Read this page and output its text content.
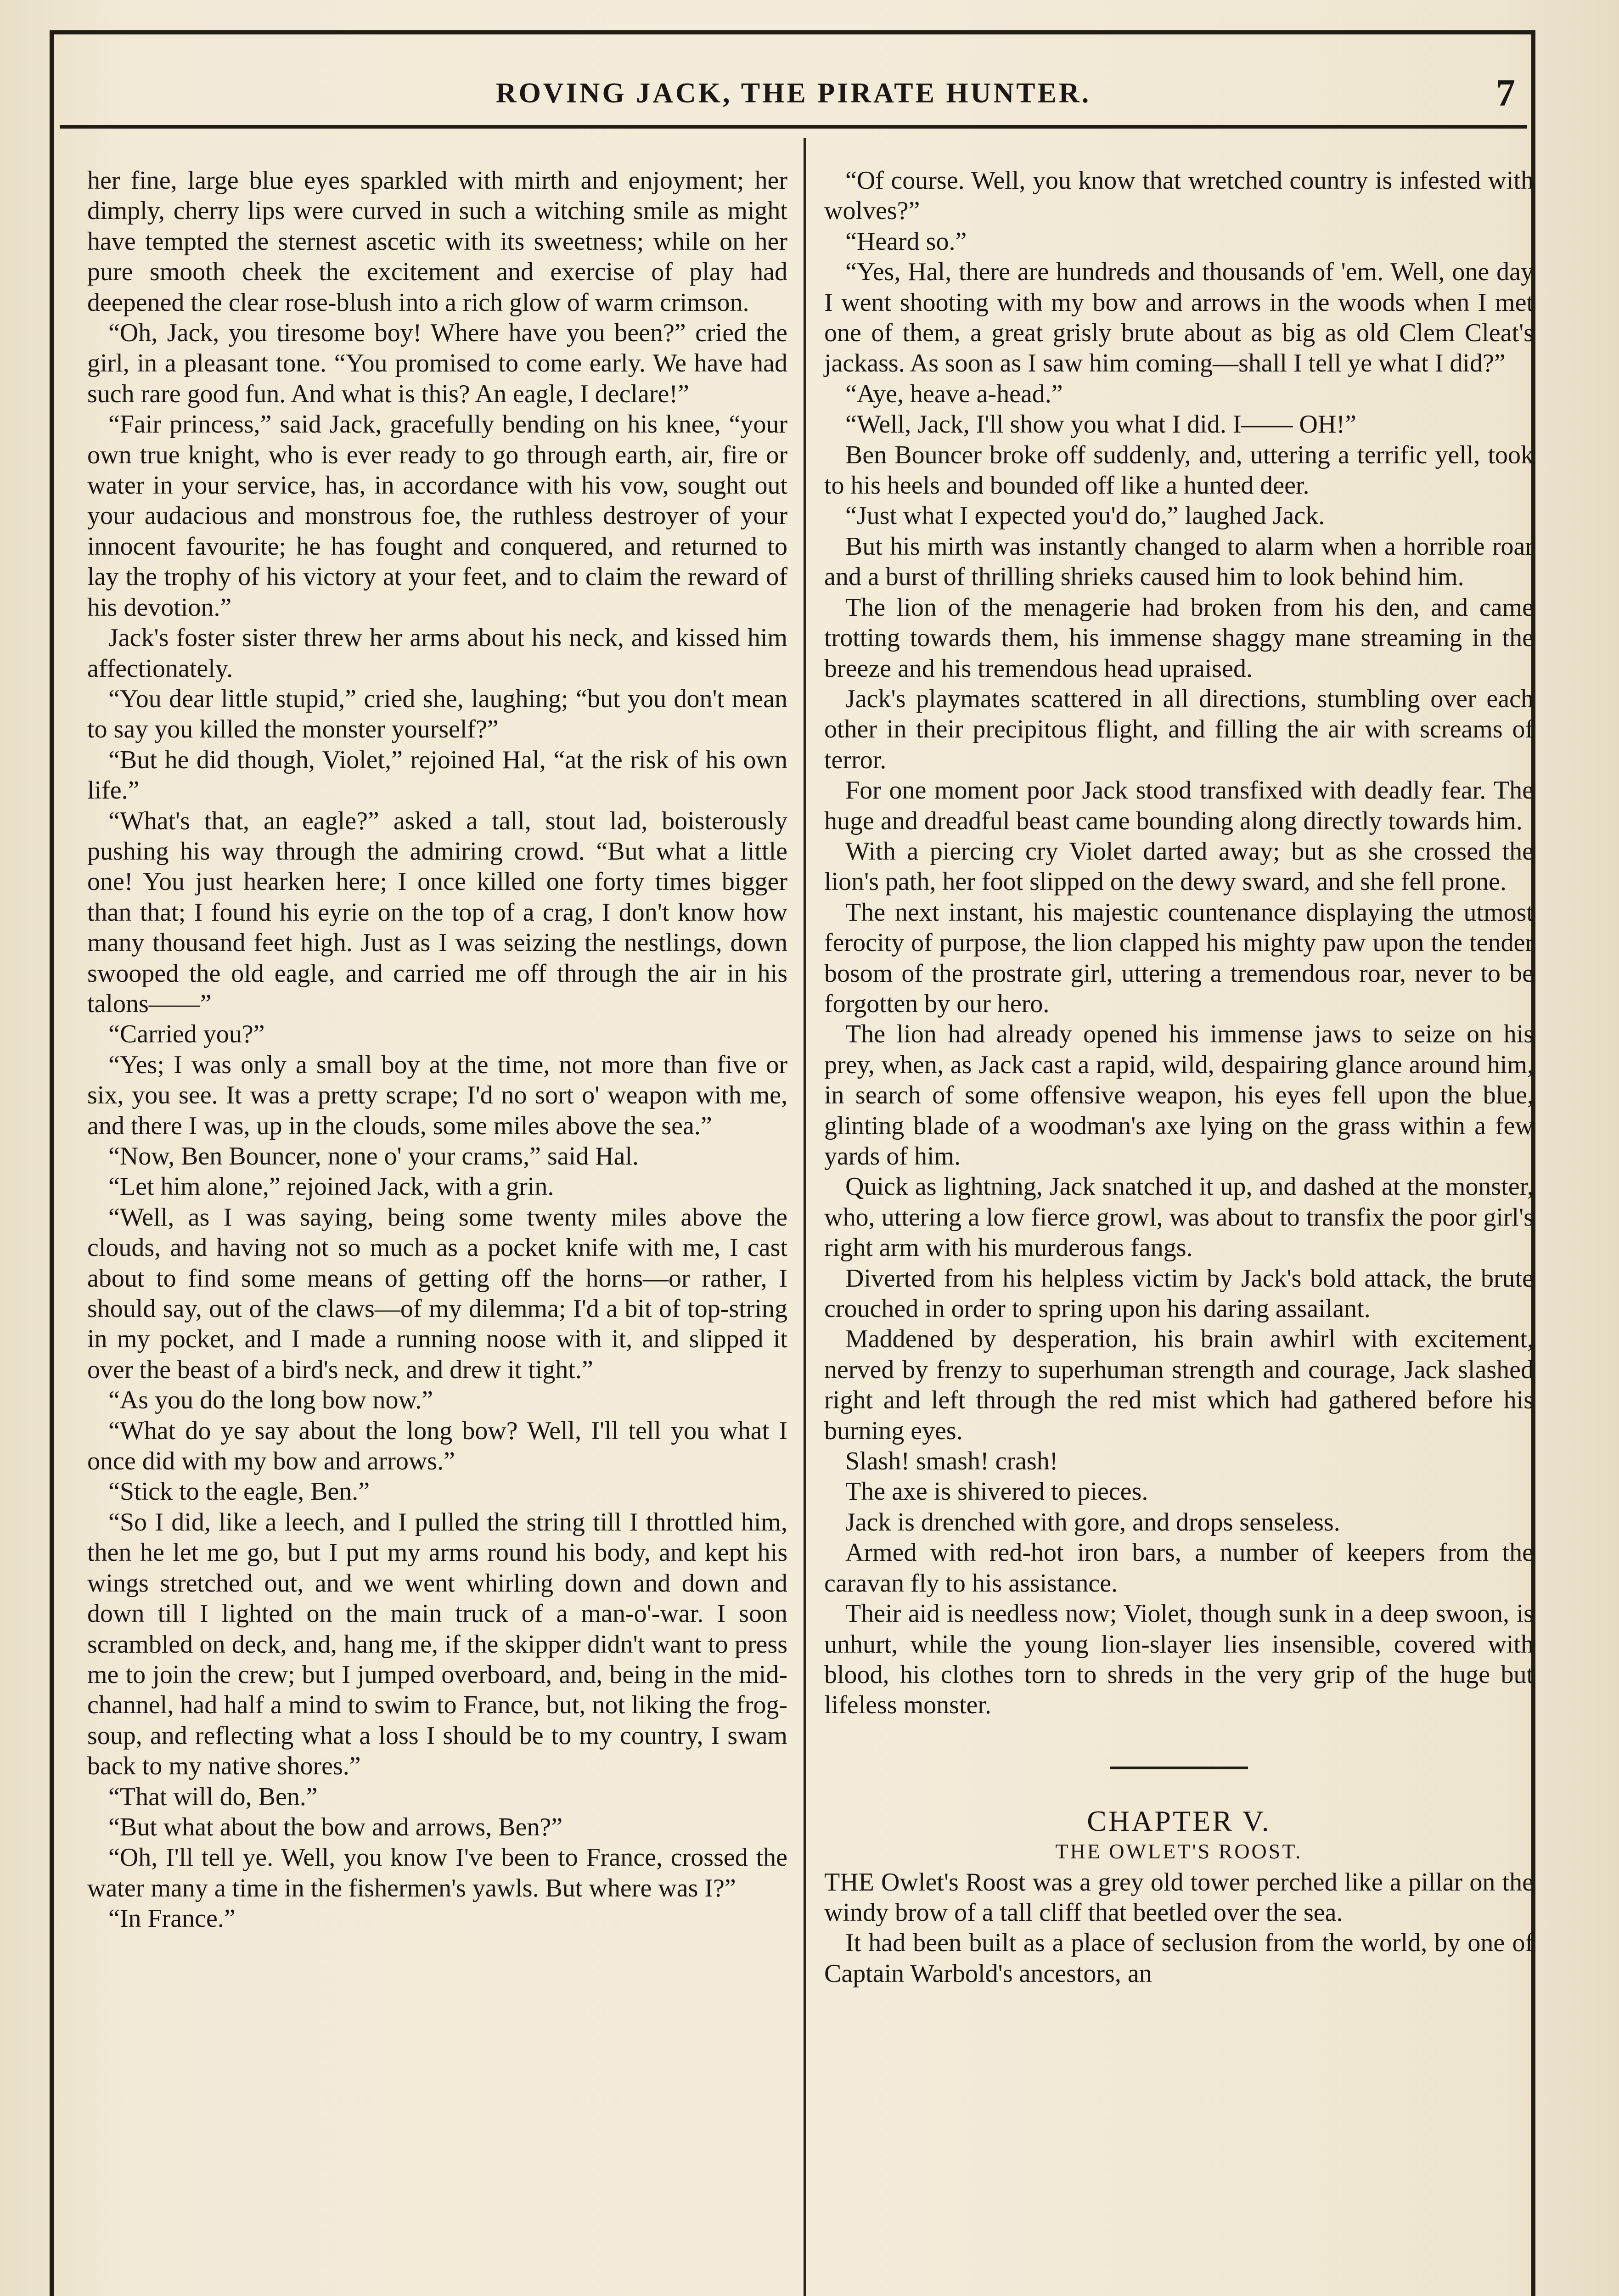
ROVING JACK, THE PIRATE HUNTER.	7

her fine, large blue eyes sparkled with mirth and enjoyment; her dimply, cherry lips were curved in such a witching smile as might have tempted the sternest ascetic with its sweetness; while on her pure smooth cheek the excitement and exercise of play had deepened the clear rose-blush into a rich glow of warm crimson.

“Oh, Jack, you tiresome boy! Where have you been?” cried the girl, in a pleasant tone. “You promised to come early. We have had such rare good fun. And what is this? An eagle, I declare!”

“Fair princess,” said Jack, gracefully bending on his knee, “your own true knight, who is ever ready to go through earth, air, fire or water in your service, has, in accordance with his vow, sought out your audacious and monstrous foe, the ruthless destroyer of your innocent favourite; he has fought and conquered, and returned to lay the trophy of his victory at your feet, and to claim the reward of his devotion.”

Jack's foster sister threw her arms about his neck, and kissed him affectionately.

“You dear little stupid,” cried she, laughing; “but you don't mean to say you killed the monster yourself?”

“But he did though, Violet,” rejoined Hal, “at the risk of his own life.”

“What's that, an eagle?” asked a tall, stout lad, boisterously pushing his way through the admiring crowd. “But what a little one! You just hearken here; I once killed one forty times bigger than that; I found his eyrie on the top of a crag, I don't know how many thousand feet high. Just as I was seizing the nestlings, down swooped the old eagle, and carried me off through the air in his talons——”

“Carried you?”

“Yes; I was only a small boy at the time, not more than five or six, you see. It was a pretty scrape; I'd no sort o' weapon with me, and there I was, up in the clouds, some miles above the sea.”

“Now, Ben Bouncer, none o' your crams,” said Hal.

“Let him alone,” rejoined Jack, with a grin.

“Well, as I was saying, being some twenty miles above the clouds, and having not so much as a pocket knife with me, I cast about to find some means of getting off the horns—or rather, I should say, out of the claws—of my dilemma; I'd a bit of top-string in my pocket, and I made a running noose with it, and slipped it over the beast of a bird's neck, and drew it tight.”

“As you do the long bow now.”

“What do ye say about the long bow? Well, I'll tell you what I once did with my bow and arrows.”

“Stick to the eagle, Ben.”

“So I did, like a leech, and I pulled the string till I throttled him, then he let me go, but I put my arms round his body, and kept his wings stretched out, and we went whirling down and down and down till I lighted on the main truck of a man-o'-war. I soon scrambled on deck, and, hang me, if the skipper didn't want to press me to join the crew; but I jumped overboard, and, being in the mid-channel, had half a mind to swim to France, but, not liking the frog-soup, and reflecting what a loss I should be to my country, I swam back to my native shores.”

“That will do, Ben.”

“But what about the bow and arrows, Ben?”

“Oh, I'll tell ye. Well, you know I've been to France, crossed the water many a time in the fishermen's yawls. But where was I?”

“In France.”

“Of course. Well, you know that wretched country is infested with wolves?”

“Heard so.”

“Yes, Hal, there are hundreds and thousands of 'em. Well, one day I went shooting with my bow and arrows in the woods when I met one of them, a great grisly brute about as big as old Clem Cleat's jackass. As soon as I saw him coming—shall I tell ye what I did?”

“Aye, heave a-head.”

“Well, Jack, I'll show you what I did. I—— OH!”

Ben Bouncer broke off suddenly, and, uttering a terrific yell, took to his heels and bounded off like a hunted deer.

“Just what I expected you'd do,” laughed Jack.

But his mirth was instantly changed to alarm when a horrible roar and a burst of thrilling shrieks caused him to look behind him.

The lion of the menagerie had broken from his den, and came trotting towards them, his immense shaggy mane streaming in the breeze and his tremendous head upraised.

Jack's playmates scattered in all directions, stumbling over each other in their precipitous flight, and filling the air with screams of terror.

For one moment poor Jack stood transfixed with deadly fear. The huge and dreadful beast came bounding along directly towards him.

With a piercing cry Violet darted away; but as she crossed the lion's path, her foot slipped on the dewy sward, and she fell prone.

The next instant, his majestic countenance displaying the utmost ferocity of purpose, the lion clapped his mighty paw upon the tender bosom of the prostrate girl, uttering a tremendous roar, never to be forgotten by our hero.

The lion had already opened his immense jaws to seize on his prey, when, as Jack cast a rapid, wild, despairing glance around him, in search of some offensive weapon, his eyes fell upon the blue, glinting blade of a woodman's axe lying on the grass within a few yards of him.

Quick as lightning, Jack snatched it up, and dashed at the monster, who, uttering a low fierce growl, was about to transfix the poor girl's right arm with his murderous fangs.

Diverted from his helpless victim by Jack's bold attack, the brute crouched in order to spring upon his daring assailant.

Maddened by desperation, his brain awhirl with excitement, nerved by frenzy to superhuman strength and courage, Jack slashed right and left through the red mist which had gathered before his burning eyes.

Slash! smash! crash!

The axe is shivered to pieces.

Jack is drenched with gore, and drops senseless.

Armed with red-hot iron bars, a number of keepers from the caravan fly to his assistance.

Their aid is needless now; Violet, though sunk in a deep swoon, is unhurt, while the young lion-slayer lies insensible, covered with blood, his clothes torn to shreds in the very grip of the huge but lifeless monster.

CHAPTER V.

THE OWLET'S ROOST.

THE Owlet's Roost was a grey old tower perched like a pillar on the windy brow of a tall cliff that beetled over the sea.

It had been built as a place of seclusion from the world, by one of Captain Warbold's ancestors, an
